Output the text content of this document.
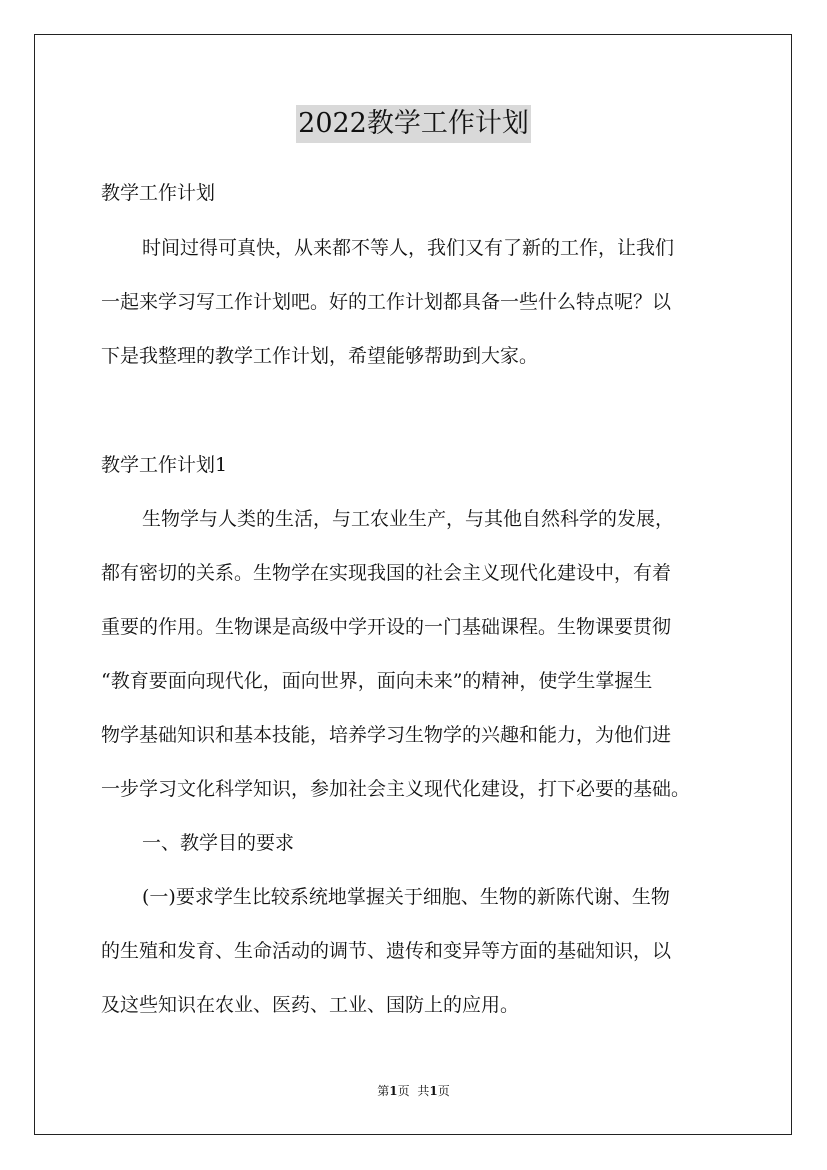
2022教学工作计划
教学工作计划
时间过得可真快，从来都不等人，我们又有了新的工作，让我们
一起来学习写工作计划吧。好的工作计划都具备一些什么特点呢？以
下是我整理的教学工作计划，希望能够帮助到大家。
教学工作计划1
生物学与人类的生活，与工农业生产，与其他自然科学的发展，
都有密切的关系。生物学在实现我国的社会主义现代化建设中，有着
重要的作用。生物课是高级中学开设的一门基础课程。生物课要贯彻
“教育要面向现代化，面向世界，面向未来”的精神，使学生掌握生
物学基础知识和基本技能，培养学习生物学的兴趣和能力，为他们进
一步学习文化科学知识，参加社会主义现代化建设，打下必要的基础。
一、教学目的要求
(一)要求学生比较系统地掌握关于细胞、生物的新陈代谢、生物
的生殖和发育、生命活动的调节、遗传和变异等方面的基础知识，以
及这些知识在农业、医药、工业、国防上的应用。
第1页 共1页
